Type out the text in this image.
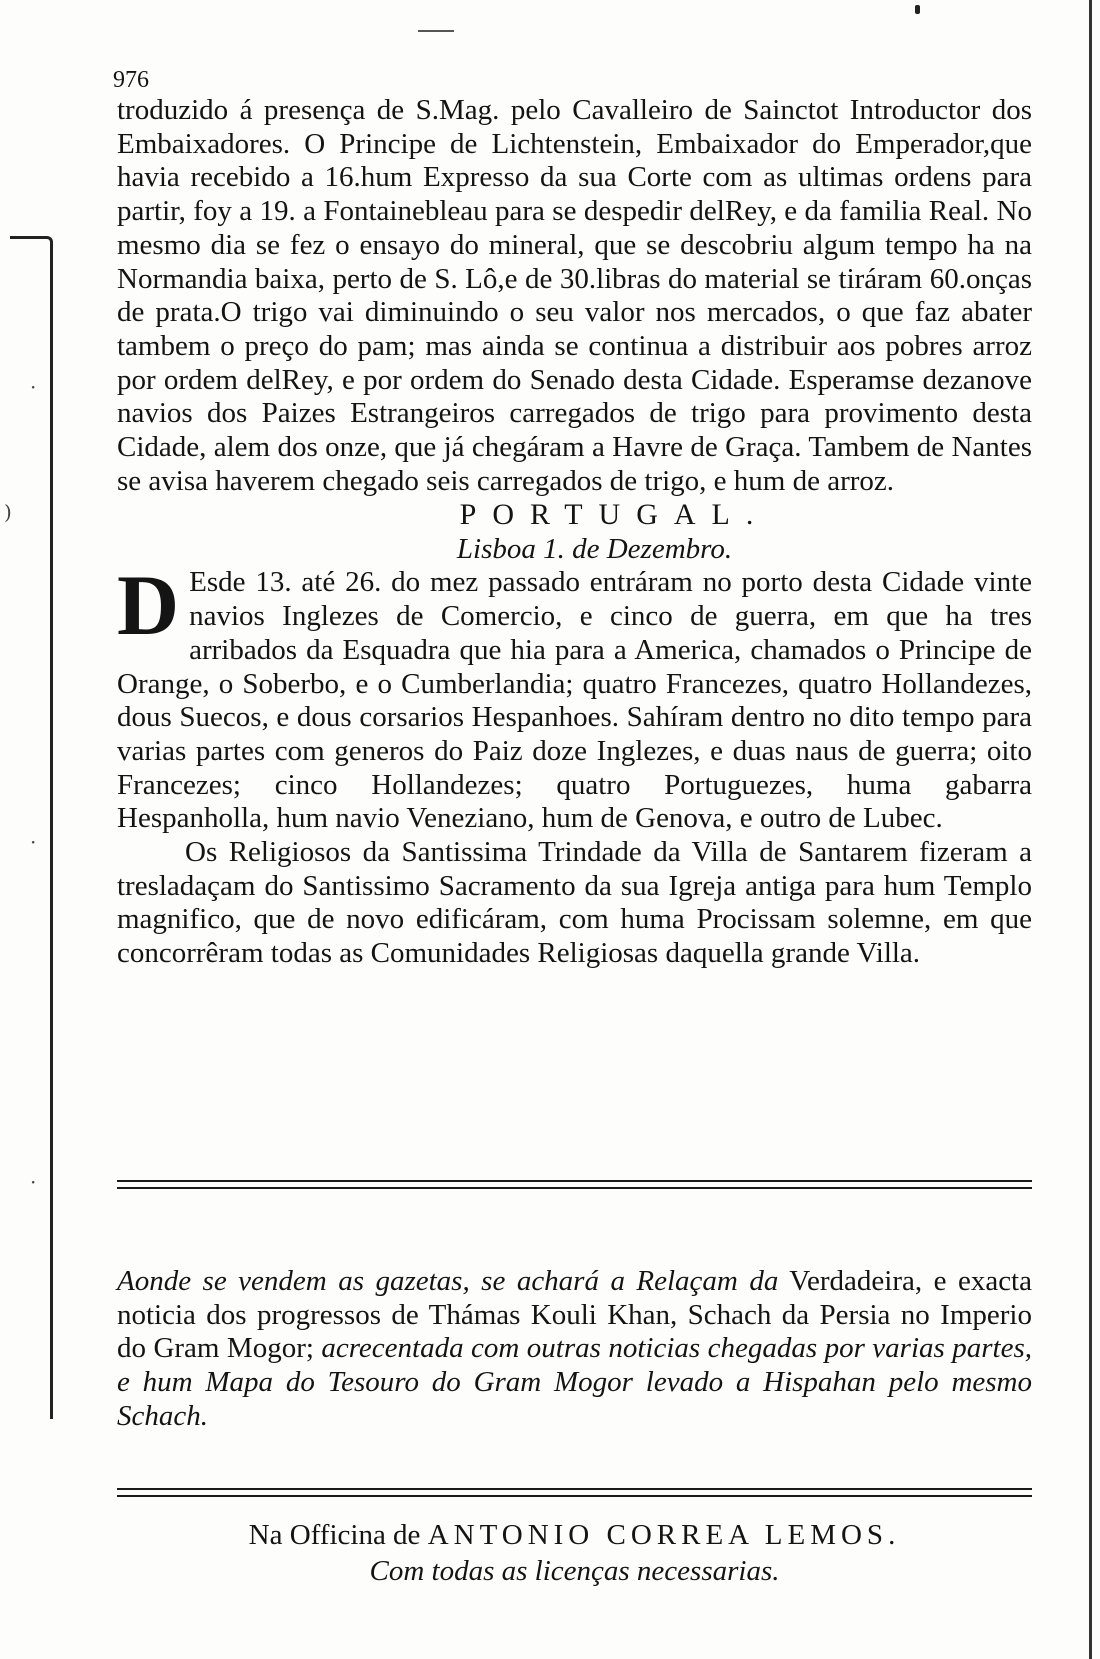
·
)
·
·
976

troduzido á presença de S.Mag. pelo Cavalleiro de Sainctot Introductor dos Embaixadores. O Principe de Lichtenstein, Embaixador do Emperador,que havia recebido a 16.hum Expresso da sua Corte com as ultimas ordens para partir, foy a 19. a Fontainebleau para se despedir delRey, e da familia Real. No mesmo dia se fez o ensayo do mineral, que se descobriu algum tempo ha na Normandia baixa, perto de S. Lô,e de 30.libras do material se tiráram 60.onças de prata.O trigo vai diminuindo o seu valor nos mercados, o que faz abater tambem o preço do pam; mas ainda se continua a distribuir aos pobres arroz por ordem delRey, e por ordem do Senado desta Cidade. Esperamse dezanove navios dos Paizes Estrangeiros carregados de trigo para provimento desta Cidade, alem dos onze, que já chegáram a Havre de Graça. Tambem de Nantes se avisa haverem chegado seis carregados de trigo, e hum de arroz.

PORTUGAL.

Lisboa 1. de Dezembro.

D Esde 13. até 26. do mez passado entráram no porto desta Cidade vinte navios Inglezes de Comercio, e cinco de guerra, em que ha tres arribados da Esquadra que hia para a America, chamados o Principe de Orange, o Soberbo, e o Cumberlandia; quatro Francezes, quatro Hollandezes, dous Suecos, e dous corsarios Hespanhoes. Sahíram dentro no dito tempo para varias partes com generos do Paiz doze Inglezes, e duas naus de guerra; oito Francezes; cinco Hollandezes; quatro Portuguezes, huma gabarra Hespanholla, hum navio Veneziano, hum de Genova, e outro de Lubec.

Os Religiosos da Santissima Trindade da Villa de Santarem fizeram a tresladaçam do Santissimo Sacramento da sua Igreja antiga para hum Templo magnifico, que de novo edificáram, com huma Procissam solemne, em que concorrêram todas as Comunidades Religiosas daquella grande Villa.

Aonde se vendem as gazetas, se achará a Relaçam da Verdadeira, e exacta noticia dos progressos de Thámas Kouli Khan, Schach da Persia no Imperio do Gram Mogor; acrecentada com outras noticias chegadas por varias partes, e hum Mapa do Tesouro do Gram Mogor levado a Hispahan pelo mesmo Schach.

Na Officina de ANTONIO CORREA LEMOS.
Com todas as licenças necessarias.
